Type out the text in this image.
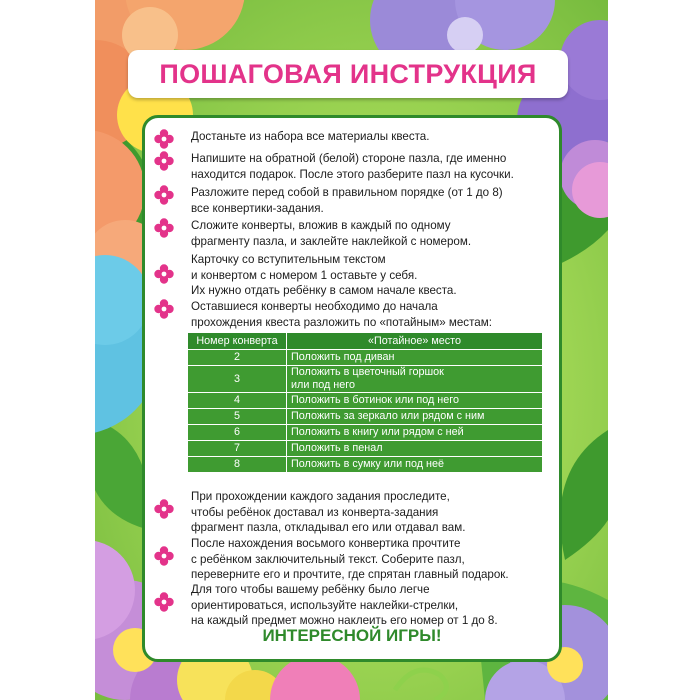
ПОШАГОВАЯ ИНСТРУКЦИЯ
Достаньте из набора все материалы квеста.
Напишите на обратной (белой) стороне пазла, где именно
находится подарок. После этого разберите пазл на кусочки.
Разложите перед собой в правильном порядке (от 1 до 8)
все конвертики-задания.
Сложите конверты, вложив в каждый по одному
фрагменту пазла, и заклейте наклейкой с номером.
Карточку со вступительным текстом
и конвертом с номером 1 оставьте у себя.
Их нужно отдать ребёнку в самом начале квеста.
Оставшиеся конверты необходимо до начала
прохождения квеста разложить по «потайным» местам:
Номер конверта	«Потайное» место
2	Положить под диван
3	Положить в цветочный горшок
или под него
4	Положить в ботинок или под него
5	Положить за зеркало или рядом с ним
6	Положить в книгу или рядом с ней
7	Положить в пенал
8	Положить в сумку или под неё
При прохождении каждого задания проследите,
чтобы ребёнок доставал из конверта-задания
фрагмент пазла, откладывал его или отдавал вам.
После нахождения восьмого конвертика прочтите
с ребёнком заключительный текст. Соберите пазл,
переверните его и прочтите, где спрятан главный подарок.
Для того чтобы вашему ребёнку было легче
ориентироваться, используйте наклейки-стрелки,
на каждый предмет можно наклеить его номер от 1 до 8.
ИНТЕРЕСНОЙ ИГРЫ!
